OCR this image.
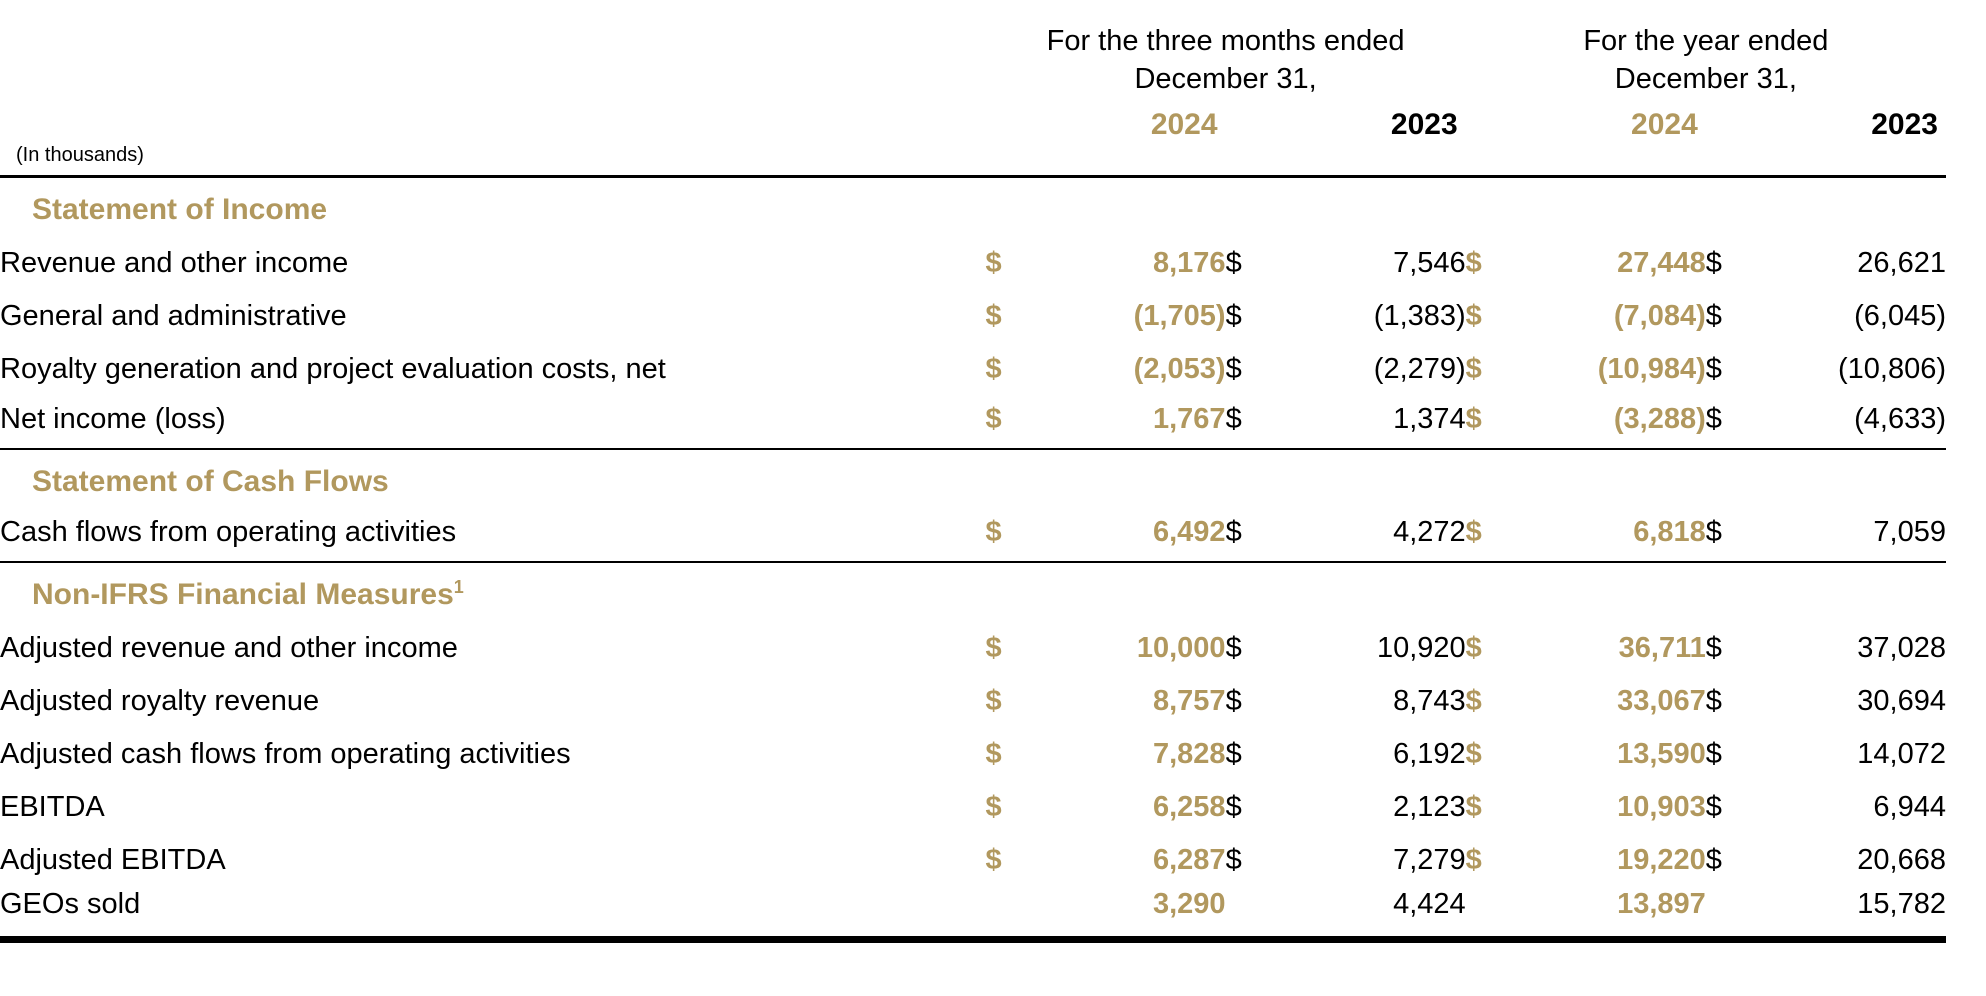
For the three months ended
December 31,

For the year ended
December 31,

(In thousands)		2024		2023		2024		2023
Statement of Income								
Revenue and other income	$	8,176	$	7,546	$	27,448	$	26,621
General and administrative	$	(1,705)	$	(1,383)	$	(7,084)	$	(6,045)
Royalty generation and project evaluation costs, net	$	(2,053)	$	(2,279)	$	(10,984)	$	(10,806)
Net income (loss)	$	1,767	$	1,374	$	(3,288)	$	(4,633)
Statement of Cash Flows								
Cash flows from operating activities	$	6,492	$	4,272	$	6,818	$	7,059
Non-IFRS Financial Measures$^1$
Adjusted revenue and other income	$	10,000	$	10,920	$	36,711	$	37,028
Adjusted royalty revenue	$	8,757	$	8,743	$	33,067	$	30,694
Adjusted cash flows from operating activities	$	7,828	$	6,192	$	13,590	$	14,072
EBITDA	$	6,258	$	2,123	$	10,903	$	6,944
Adjusted EBITDA	$	6,287	$	7,279	$	19,220	$	20,668
GEOs sold		3,290		4,424		13,897		15,782
